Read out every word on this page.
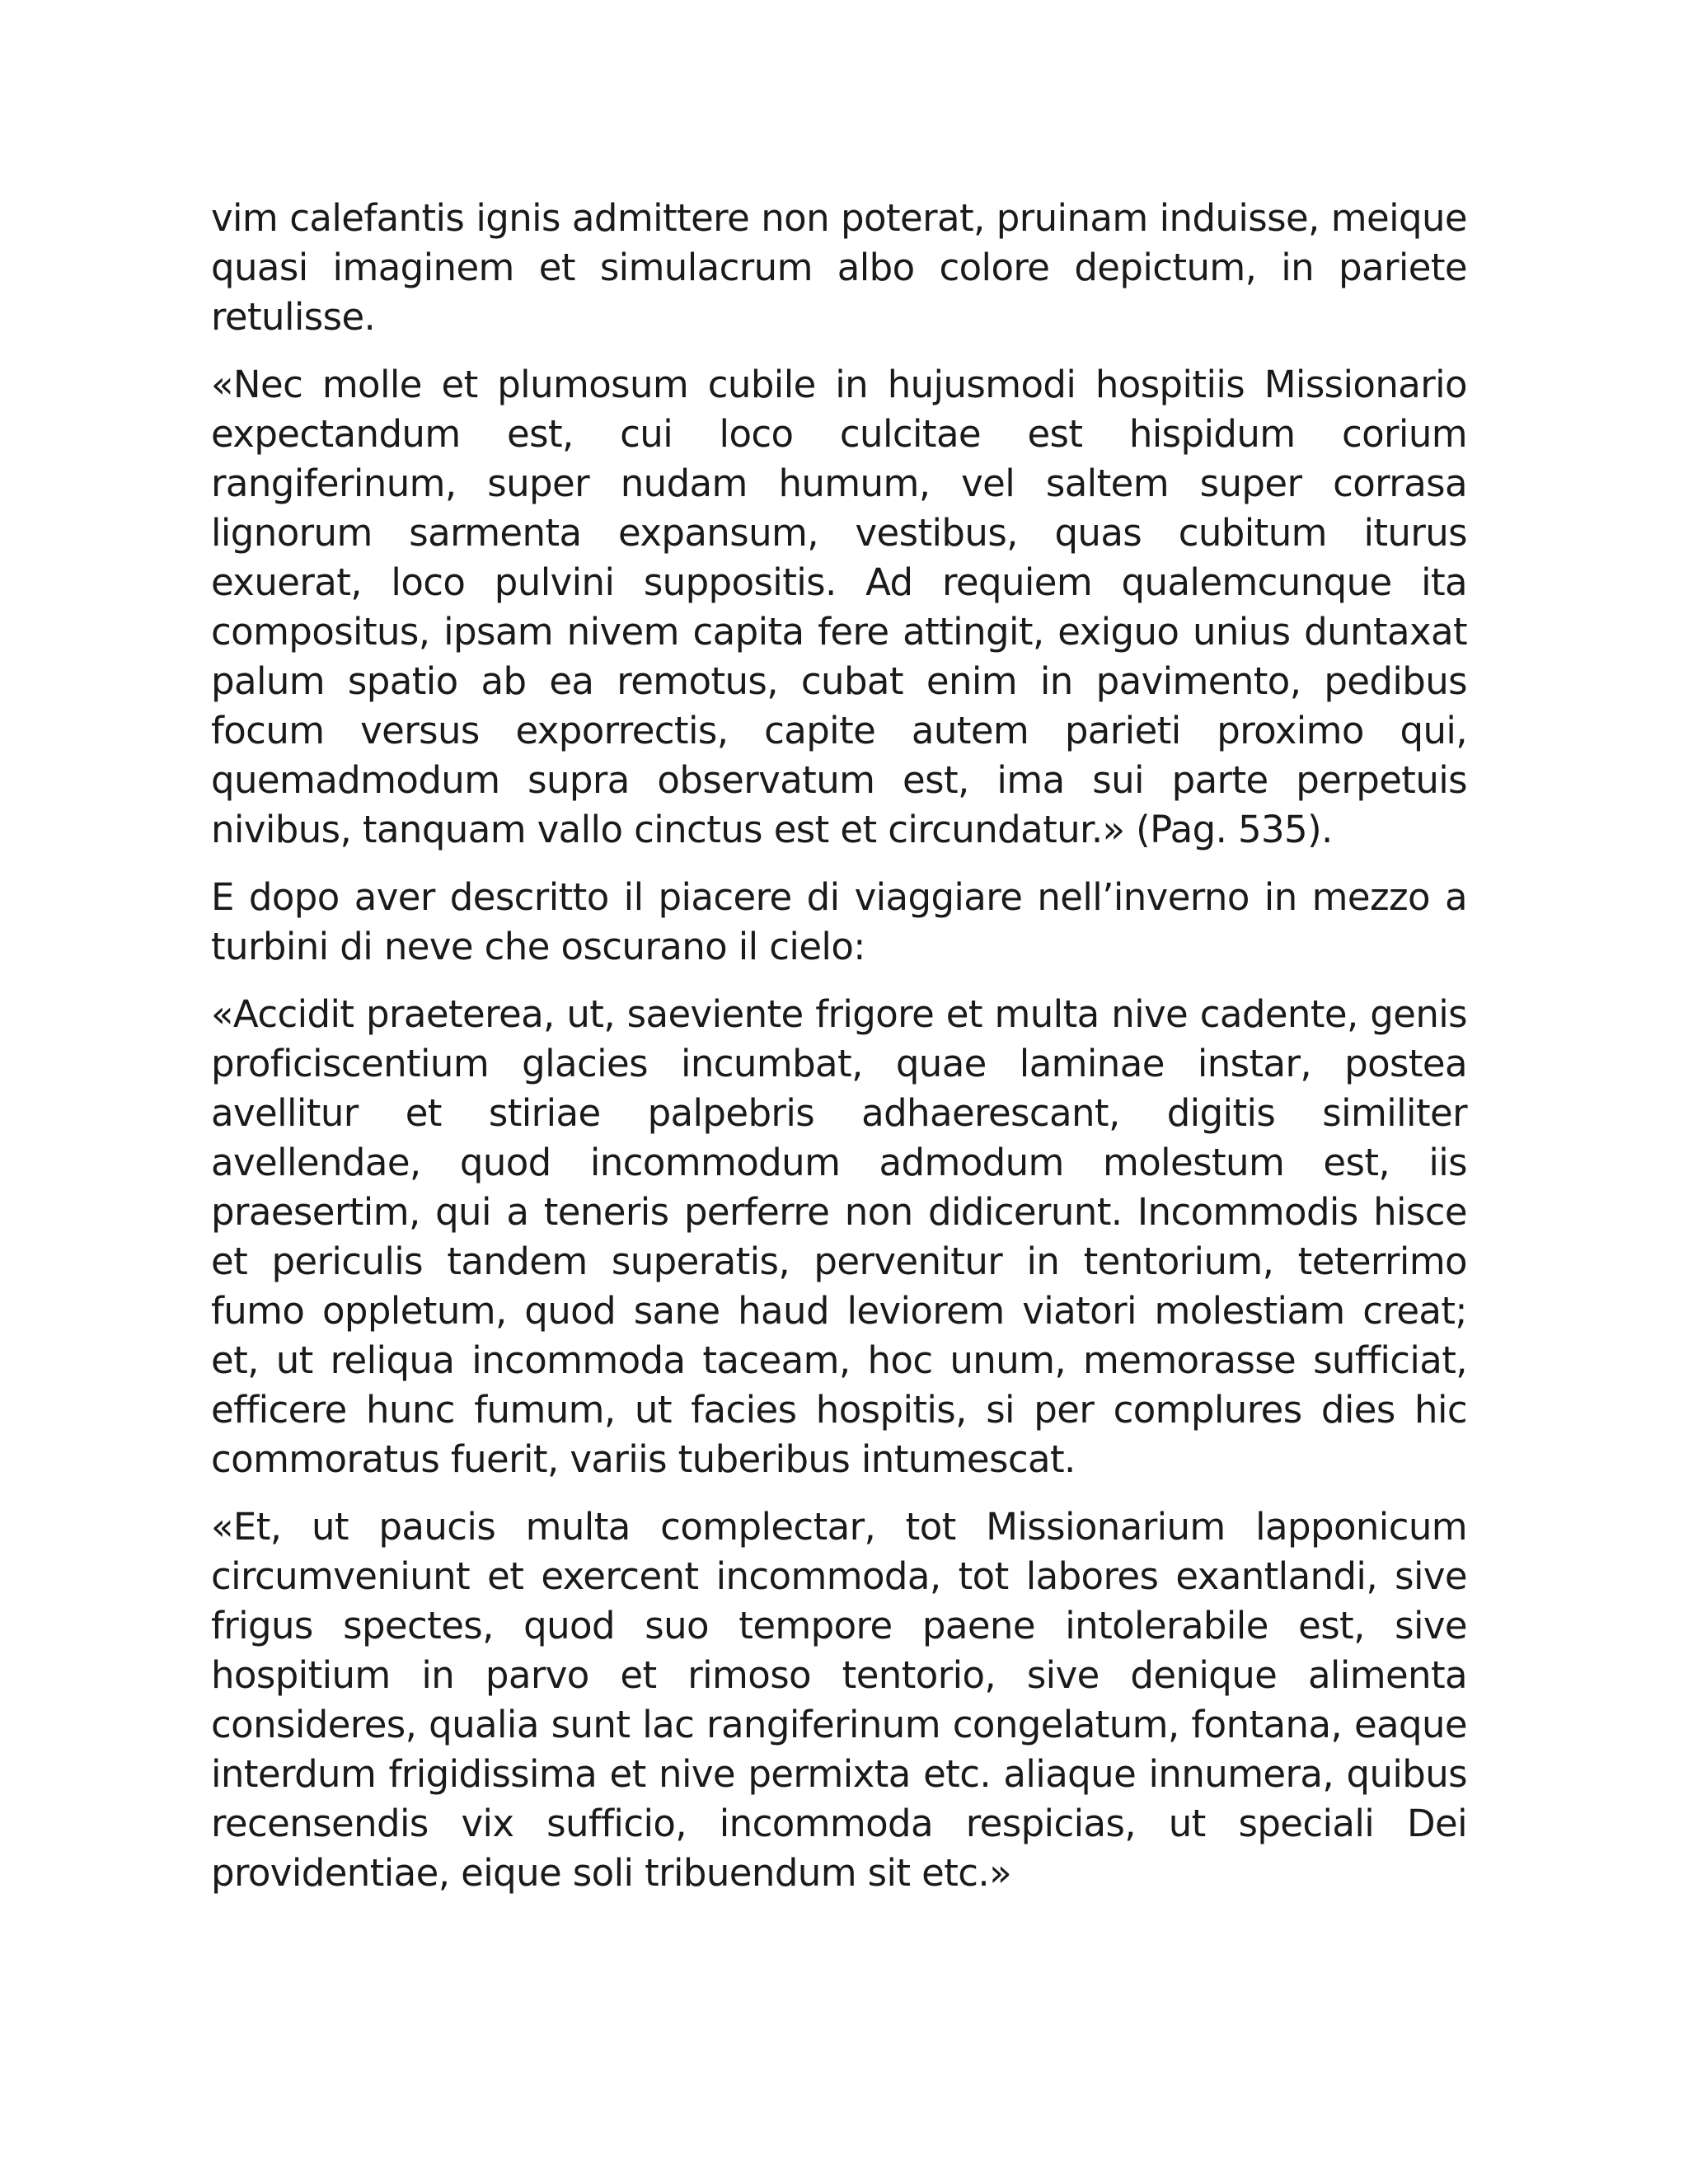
vim calefantis ignis admittere non poterat, pruinam induisse, meique quasi imaginem et simulacrum albo colore depictum, in pariete retulisse.

«Nec molle et plumosum cubile in hujusmodi hospitiis Missionario expectandum est, cui loco culcitae est hispidum corium rangiferinum, super nudam humum, vel saltem super corrasa lignorum sarmenta expansum, vestibus, quas cubitum iturus exuerat, loco pulvini suppositis. Ad requiem qualemcunque ita compositus, ipsam nivem capita fere attingit, exiguo unius duntaxat palum spatio ab ea remotus, cubat enim in pavimento, pedibus focum versus exporrectis, capite autem parieti proximo qui, quemadmodum supra observatum est, ima sui parte perpetuis nivibus, tanquam vallo cinctus est et circundatur.» (Pag. 535).

E dopo aver descritto il piacere di viaggiare nell’inverno in mezzo a turbini di neve che oscurano il cielo:

«Accidit praeterea, ut, saeviente frigore et multa nive cadente, genis proficiscentium glacies incumbat, quae laminae instar, postea avellitur et stiriae palpebris adhaerescant, digitis similiter avellendae, quod incommodum admodum molestum est, iis praesertim, qui a teneris perferre non didicerunt. Incommodis hisce et periculis tandem superatis, pervenitur in tentorium, teterrimo fumo oppletum, quod sane haud leviorem viatori molestiam creat; et, ut reliqua incommoda taceam, hoc unum, memorasse sufficiat, efficere hunc fumum, ut facies hospitis, si per complures dies hic commoratus fuerit, variis tuberibus intumescat.

«Et, ut paucis multa complectar, tot Missionarium lapponicum circumveniunt et exercent incommoda, tot labores exantlandi, sive frigus spectes, quod suo tempore paene intolerabile est, sive hospitium in parvo et rimoso tentorio, sive denique alimenta consideres, qualia sunt lac rangiferinum congelatum, fontana, eaque interdum frigidissima et nive permixta etc. aliaque innumera, quibus recensendis vix sufficio, incommoda respicias, ut speciali Dei providentiae, eique soli tribuendum sit etc.»
